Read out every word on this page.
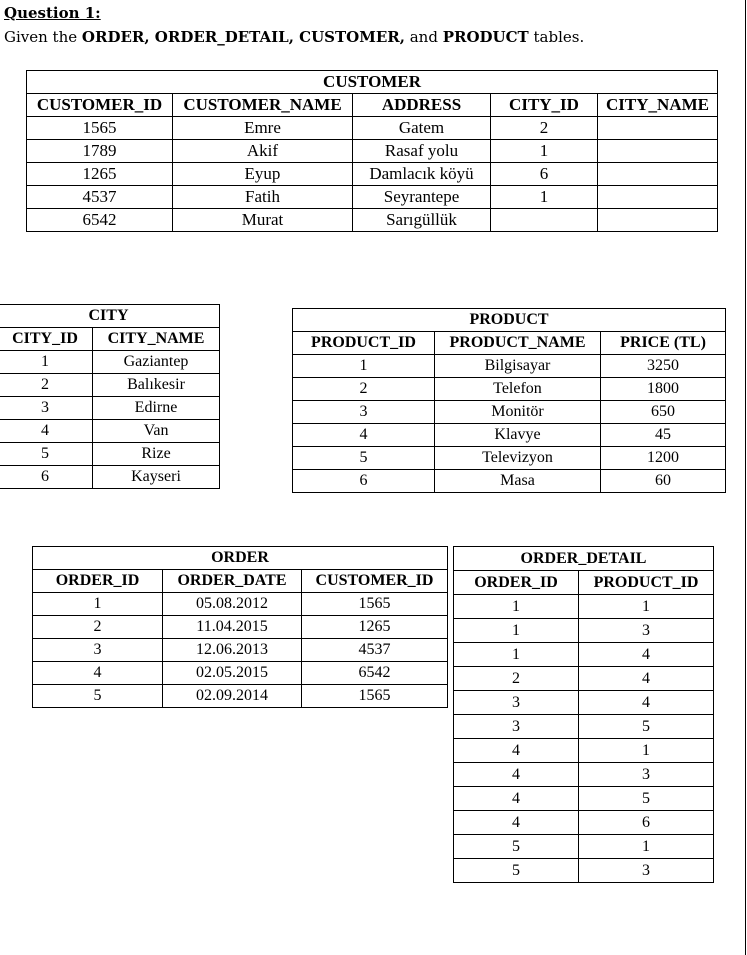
Question 1:
Given the ORDER, ORDER_DETAIL, CUSTOMER, and PRODUCT tables.
CUSTOMER				
CUSTOMER_ID	CUSTOMER_NAME	ADDRESS	CITY_ID	CITY_NAME
1565	Emre	Gatem	2	
1789	Akif	Rasaf yolu	1	
1265	Eyup	Damlacık köyü	6	
4537	Fatih	Seyrantepe	1	
6542	Murat	Sarıgüllük		
CITY	
CITY_ID	CITY_NAME
1	Gaziantep
2	Balıkesir
3	Edirne
4	Van
5	Rize
6	Kayseri
PRODUCT		
PRODUCT_ID	PRODUCT_NAME	PRICE (TL)
1	Bilgisayar	3250
2	Telefon	1800
3	Monitör	650
4	Klavye	45
5	Televizyon	1200
6	Masa	60
ORDER		
ORDER_ID	ORDER_DATE	CUSTOMER_ID
1	05.08.2012	1565
2	11.04.2015	1265
3	12.06.2013	4537
4	02.05.2015	6542
5	02.09.2014	1565
ORDER_DETAIL	
ORDER_ID	PRODUCT_ID
1	1
1	3
1	4
2	4
3	4
3	5
4	1
4	3
4	5
4	6
5	1
5	3
